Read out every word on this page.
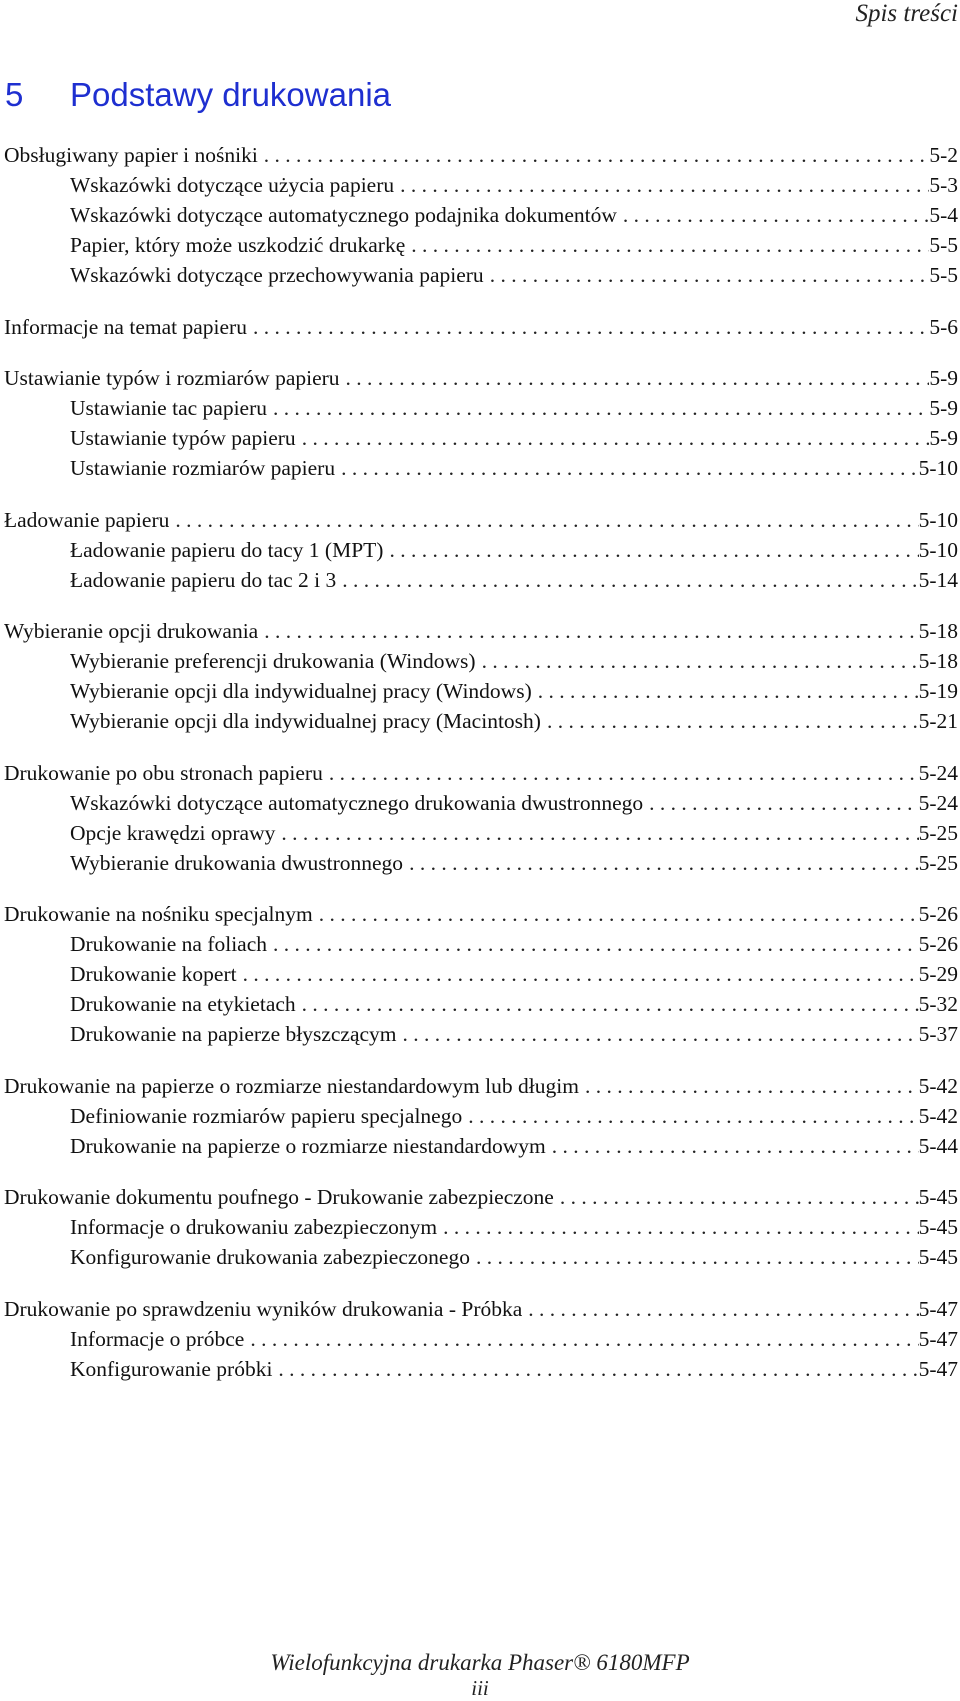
Spis treści
5 Podstawy drukowania
Obsługiwany papier i nośniki . . .	5-2
Wskazówki dotyczące użycia papieru . . .	5-3
Wskazówki dotyczące automatycznego podajnika dokumentów . . .	5-4
Papier, który może uszkodzić drukarkę . . .	5-5
Wskazówki dotyczące przechowywania papieru . . .	5-5
Informacje na temat papieru . . .	5-6
Ustawianie typów i rozmiarów papieru . . .	5-9
Ustawianie tac papieru . . .	5-9
Ustawianie typów papieru . . .	5-9
Ustawianie rozmiarów papieru . . .	5-10
Ładowanie papieru . . .	5-10
Ładowanie papieru do tacy 1 (MPT) . . .	5-10
Ładowanie papieru do tac 2 i 3 . . .	5-14
Wybieranie opcji drukowania . . .	5-18
Wybieranie preferencji drukowania (Windows) . . .	5-18
Wybieranie opcji dla indywidualnej pracy (Windows) . . .	5-19
Wybieranie opcji dla indywidualnej pracy (Macintosh) . . .	5-21
Drukowanie po obu stronach papieru . . .	5-24
Wskazówki dotyczące automatycznego drukowania dwustronnego . . .	5-24
Opcje krawędzi oprawy . . .	5-25
Wybieranie drukowania dwustronnego . . .	5-25
Drukowanie na nośniku specjalnym . . .	5-26
Drukowanie na foliach . . .	5-26
Drukowanie kopert . . .	5-29
Drukowanie na etykietach . . .	5-32
Drukowanie na papierze błyszczącym . . .	5-37
Drukowanie na papierze o rozmiarze niestandardowym lub długim . . .	5-42
Definiowanie rozmiarów papieru specjalnego . . .	5-42
Drukowanie na papierze o rozmiarze niestandardowym . . .	5-44
Drukowanie dokumentu poufnego - Drukowanie zabezpieczone . . .	5-45
Informacje o drukowaniu zabezpieczonym . . .	5-45
Konfigurowanie drukowania zabezpieczonego . . .	5-45
Drukowanie po sprawdzeniu wyników drukowania - Próbka . . .	5-47
Informacje o próbce . . .	5-47
Konfigurowanie próbki . . .	5-47
Wielofunkcyjna drukarka Phaser® 6180MFP
iii
